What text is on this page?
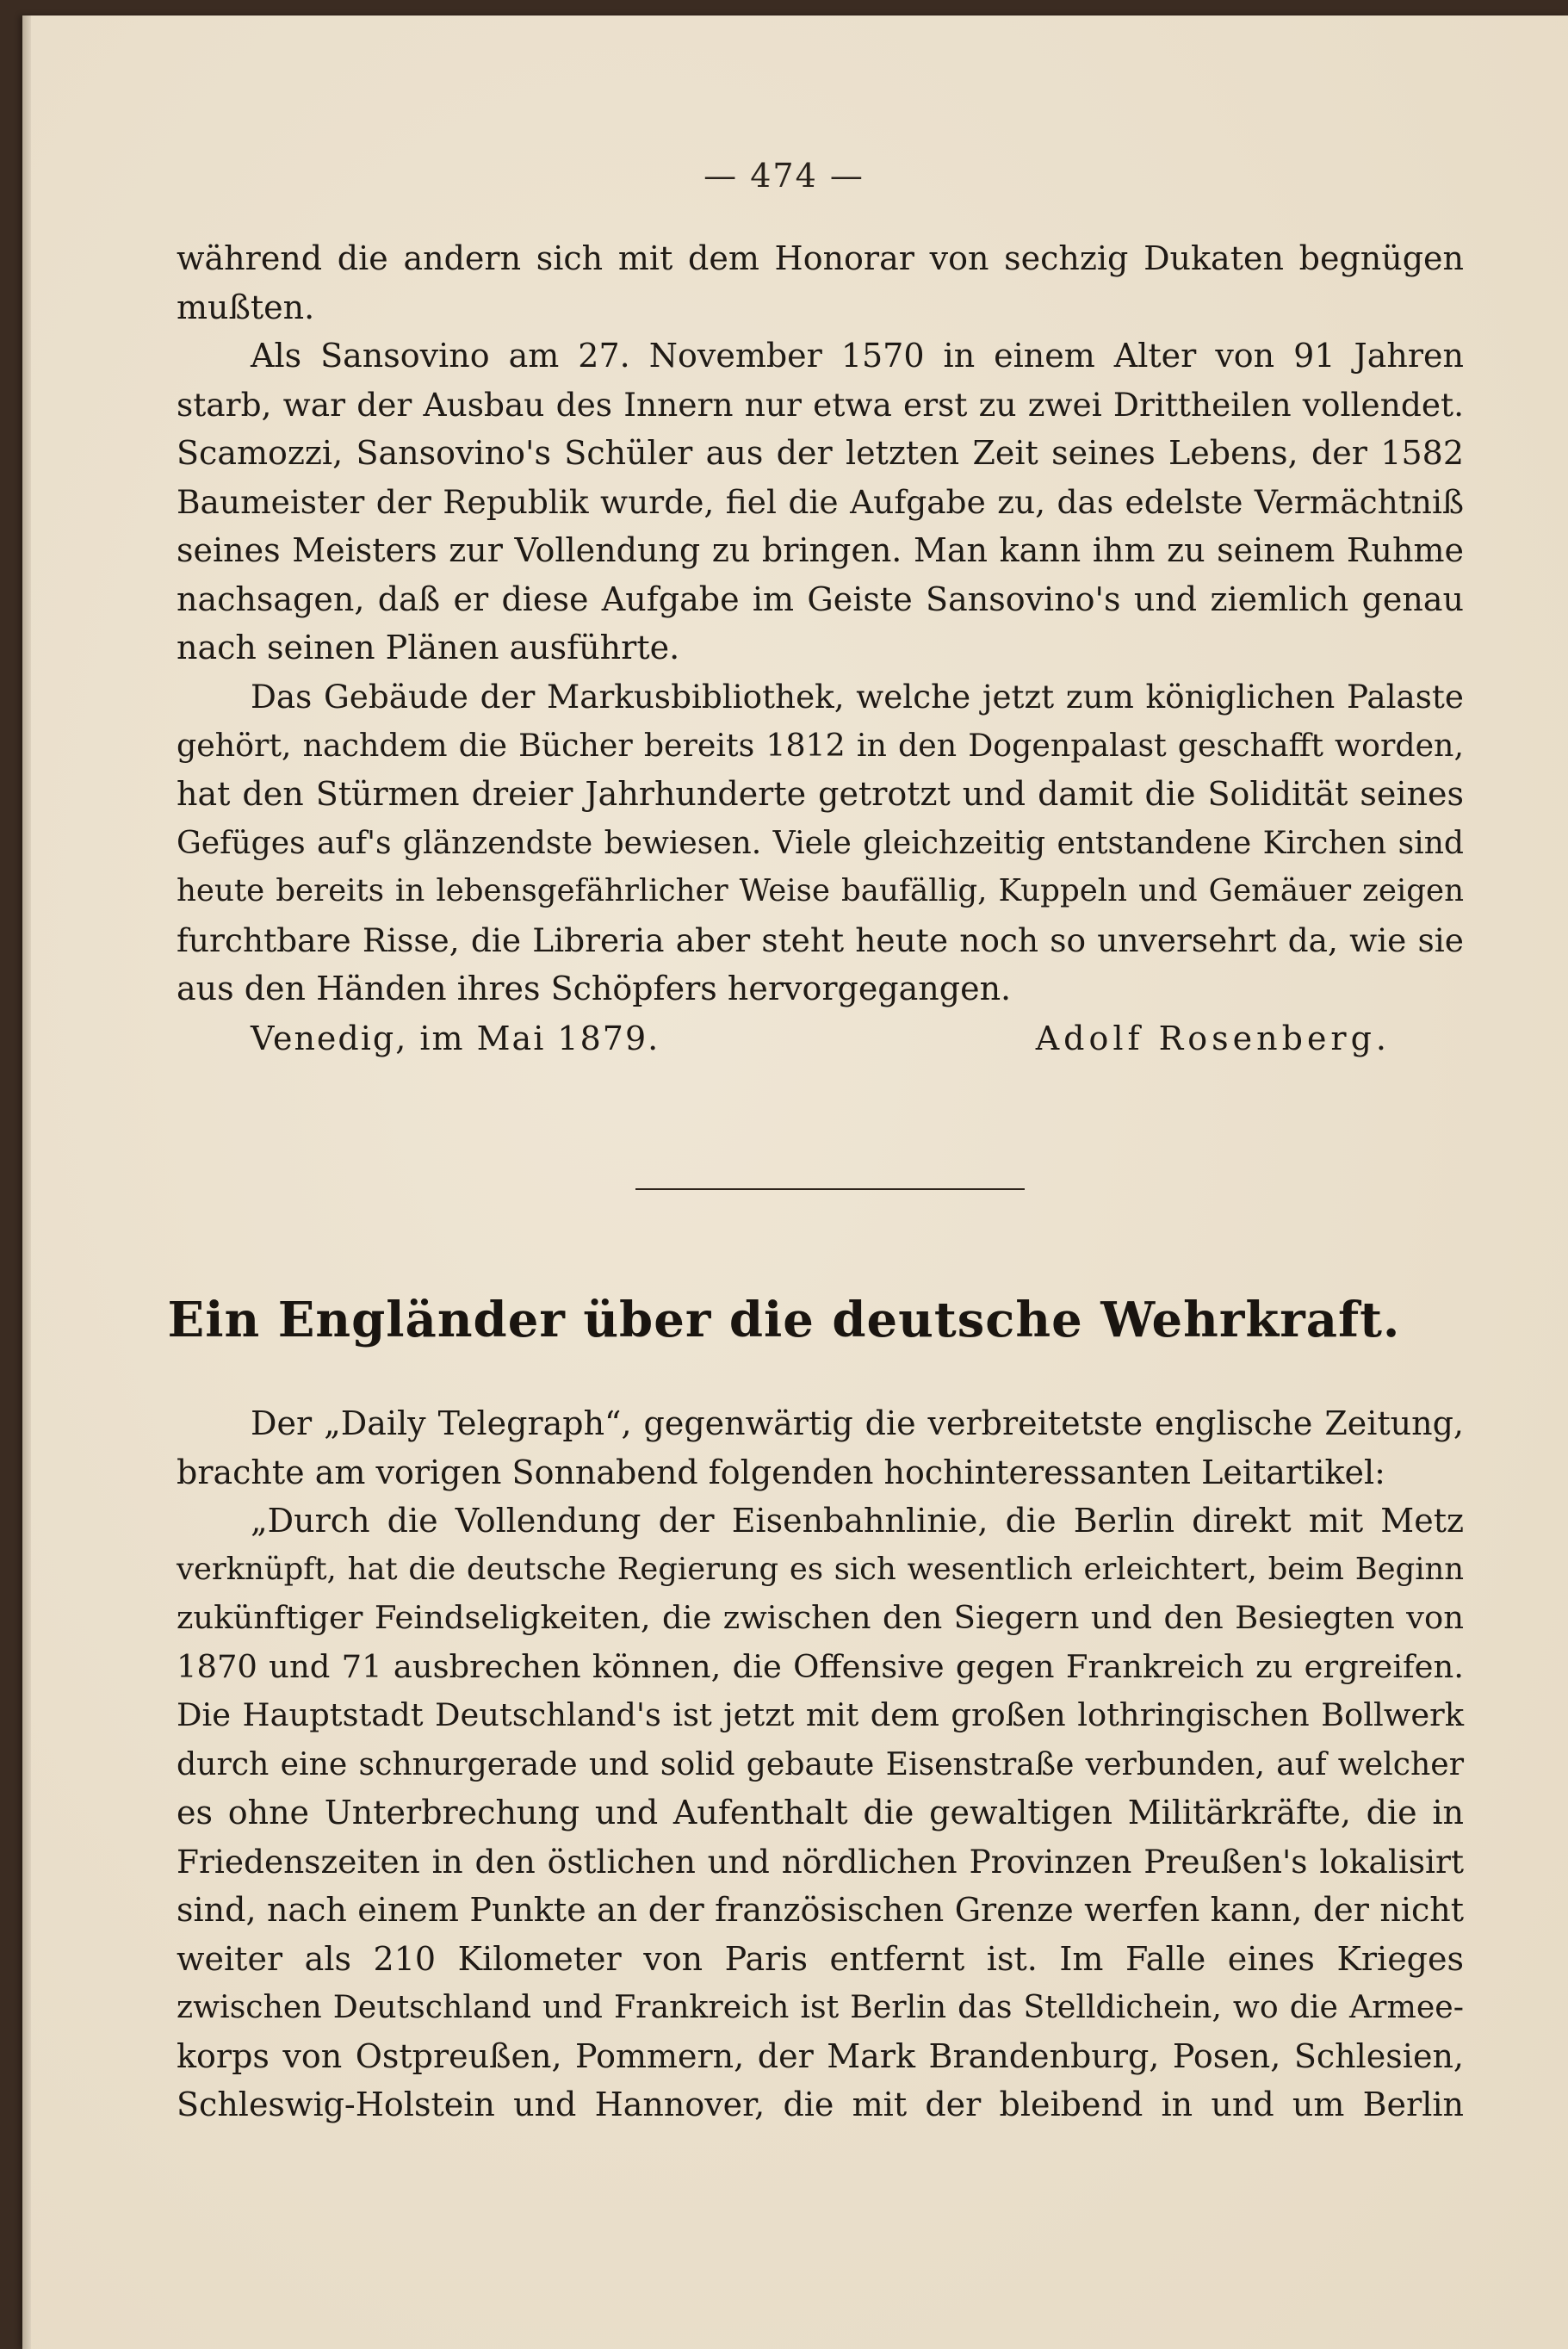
— 474 —
während die andern sich mit dem Honorar von sechzig Dukaten begnügen
mußten.
Als Sansovino am 27. November 1570 in einem Alter von 91 Jahren
starb, war der Ausbau des Innern nur etwa erst zu zwei Drittheilen vollendet.
Scamozzi, Sansovino's Schüler aus der letzten Zeit seines Lebens, der 1582
Baumeister der Republik wurde, fiel die Aufgabe zu, das edelste Vermächtniß
seines Meisters zur Vollendung zu bringen. Man kann ihm zu seinem Ruhme
nachsagen, daß er diese Aufgabe im Geiste Sansovino's und ziemlich genau
nach seinen Plänen ausführte.
Das Gebäude der Markusbibliothek, welche jetzt zum königlichen Palaste
gehört, nachdem die Bücher bereits 1812 in den Dogenpalast geschafft worden,
hat den Stürmen dreier Jahrhunderte getrotzt und damit die Solidität seines
Gefüges auf's glänzendste bewiesen. Viele gleichzeitig entstandene Kirchen sind
heute bereits in lebensgefährlicher Weise baufällig, Kuppeln und Gemäuer zeigen
furchtbare Risse, die Libreria aber steht heute noch so unversehrt da, wie sie
aus den Händen ihres Schöpfers hervorgegangen.
Venedig, im Mai 1879.	Adolf Rosenberg.
Ein Engländer über die deutsche Wehrkraft.
Der „Daily Telegraph“, gegenwärtig die verbreitetste englische Zeitung,
brachte am vorigen Sonnabend folgenden hochinteressanten Leitartikel:
„Durch die Vollendung der Eisenbahnlinie, die Berlin direkt mit Metz
verknüpft, hat die deutsche Regierung es sich wesentlich erleichtert, beim Beginn
zukünftiger Feindseligkeiten, die zwischen den Siegern und den Besiegten von
1870 und 71 ausbrechen können, die Offensive gegen Frankreich zu ergreifen.
Die Hauptstadt Deutschland's ist jetzt mit dem großen lothringischen Bollwerk
durch eine schnurgerade und solid gebaute Eisenstraße verbunden, auf welcher
es ohne Unterbrechung und Aufenthalt die gewaltigen Militärkräfte, die in
Friedenszeiten in den östlichen und nördlichen Provinzen Preußen's lokalisirt
sind, nach einem Punkte an der französischen Grenze werfen kann, der nicht
weiter als 210 Kilometer von Paris entfernt ist. Im Falle eines Krieges
zwischen Deutschland und Frankreich ist Berlin das Stelldichein, wo die Armee-
korps von Ostpreußen, Pommern, der Mark Brandenburg, Posen, Schlesien,
Schleswig-Holstein und Hannover, die mit der bleibend in und um Berlin
